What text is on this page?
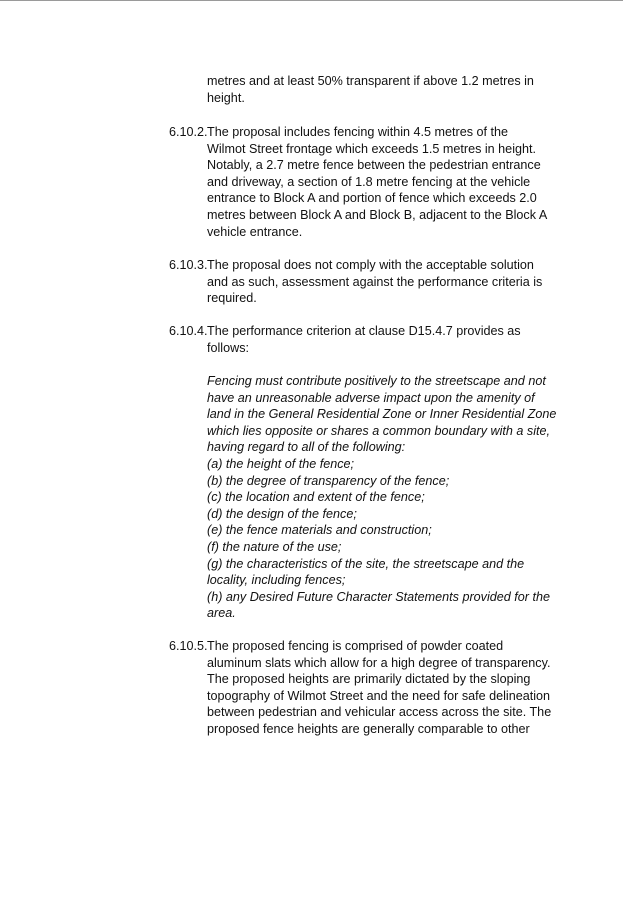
metres and at least 50% transparent if above 1.2 metres in
height.
6.10.2. The proposal includes fencing within 4.5 metres of the
Wilmot Street frontage which exceeds 1.5 metres in height.
Notably, a 2.7 metre fence between the pedestrian entrance
and driveway, a section of 1.8 metre fencing at the vehicle
entrance to Block A and portion of fence which exceeds 2.0
metres between Block A and Block B, adjacent to the Block A
vehicle entrance.
6.10.3. The proposal does not comply with the acceptable solution
and as such, assessment against the performance criteria is
required.
6.10.4. The performance criterion at clause D15.4.7 provides as
follows:
Fencing must contribute positively to the streetscape and not
have an unreasonable adverse impact upon the amenity of
land in the General Residential Zone or Inner Residential Zone
which lies opposite or shares a common boundary with a site,
having regard to all of the following:
(a) the height of the fence;
(b) the degree of transparency of the fence;
(c) the location and extent of the fence;
(d) the design of the fence;
(e) the fence materials and construction;
(f) the nature of the use;
(g) the characteristics of the site, the streetscape and the
locality, including fences;
(h) any Desired Future Character Statements provided for the
area.
6.10.5. The proposed fencing is comprised of powder coated
aluminum slats which allow for a high degree of transparency.
The proposed heights are primarily dictated by the sloping
topography of Wilmot Street and the need for safe delineation
between pedestrian and vehicular access across the site. The
proposed fence heights are generally comparable to other
